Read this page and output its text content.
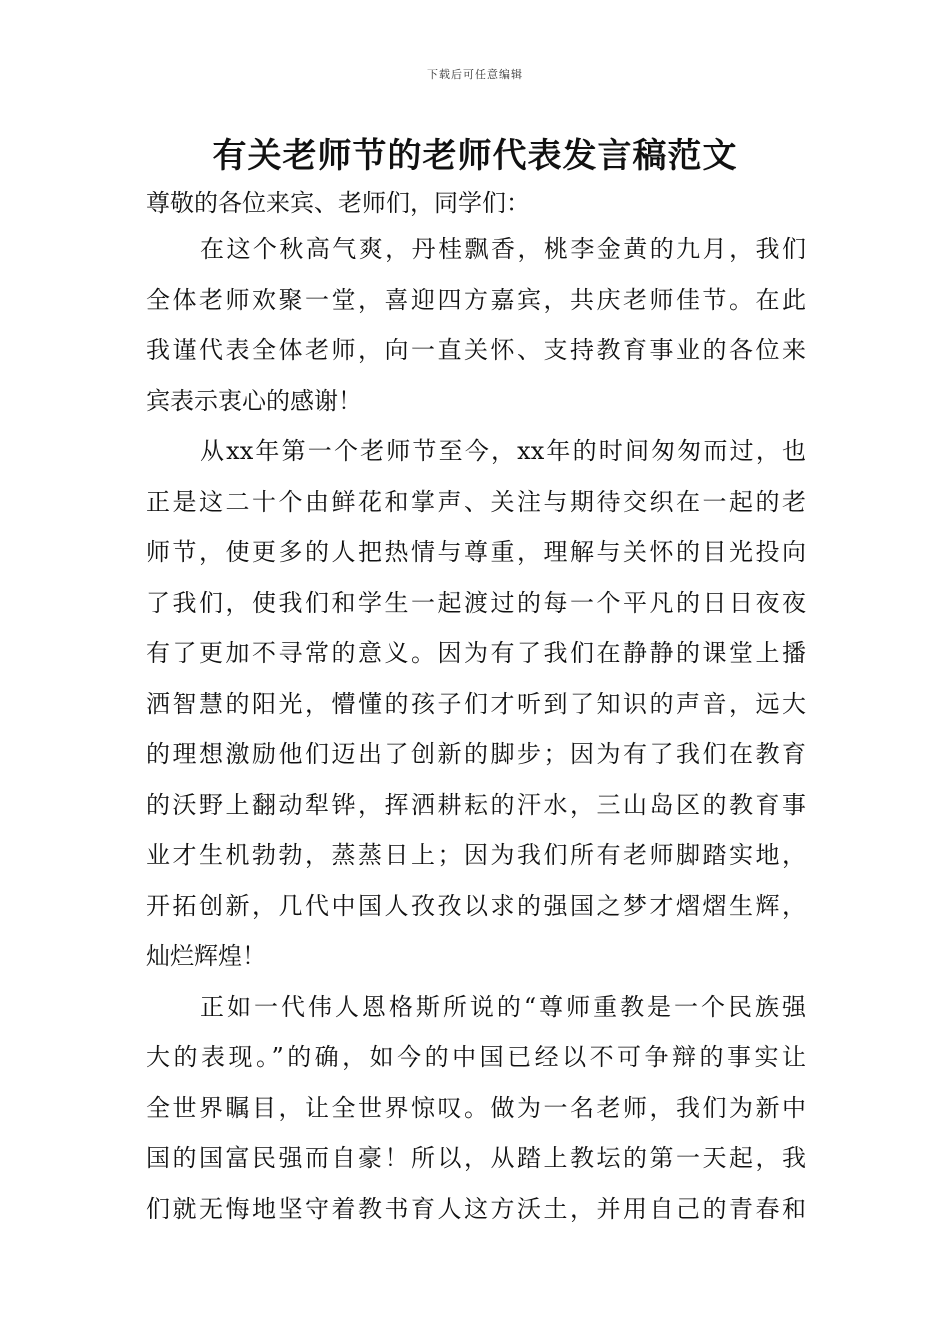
下载后可任意编辑
有关老师节的老师代表发言稿范文
尊敬的各位来宾、老师们，同学们：
在这个秋高气爽，丹桂飘香，桃李金黄的九月，我们
全体老师欢聚一堂，喜迎四方嘉宾，共庆老师佳节。在此
我谨代表全体老师，向一直关怀、支持教育事业的各位来
宾表示衷心的感谢！
从xx年第一个老师节至今，xx年的时间匆匆而过，也
正是这二十个由鲜花和掌声、关注与期待交织在一起的老
师节，使更多的人把热情与尊重，理解与关怀的目光投向
了我们，使我们和学生一起渡过的每一个平凡的日日夜夜
有了更加不寻常的意义。因为有了我们在静静的课堂上播
洒智慧的阳光，懵懂的孩子们才听到了知识的声音，远大
的理想激励他们迈出了创新的脚步；因为有了我们在教育
的沃野上翻动犁铧，挥洒耕耘的汗水，三山岛区的教育事
业才生机勃勃，蒸蒸日上；因为我们所有老师脚踏实地，
开拓创新，几代中国人孜孜以求的强国之梦才熠熠生辉，
灿烂辉煌！
正如一代伟人恩格斯所说的“尊师重教是一个民族强
大的表现。”的确，如今的中国已经以不可争辩的事实让
全世界瞩目，让全世界惊叹。做为一名老师，我们为新中
国的国富民强而自豪！所以，从踏上教坛的第一天起，我
们就无悔地坚守着教书育人这方沃土，并用自己的青春和
